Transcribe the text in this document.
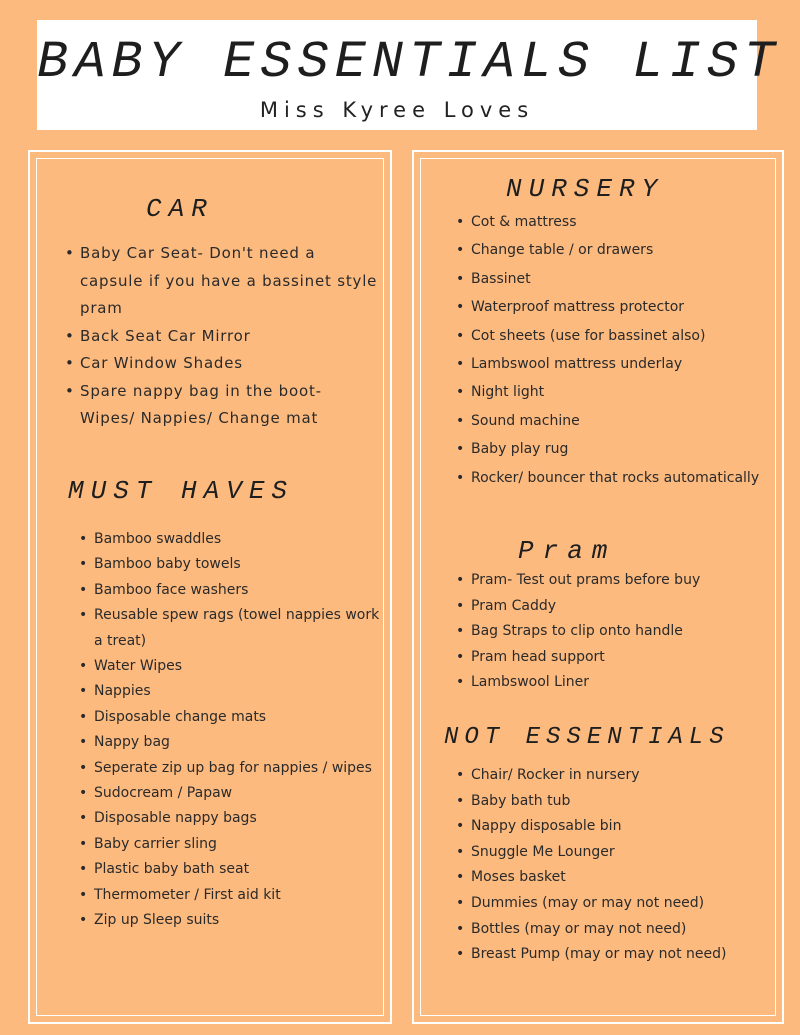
BABY ESSENTIALS LIST
Miss Kyree Loves
CAR
• Baby Car Seat- Don't need a capsule if you have a bassinet style pram
• Back Seat Car Mirror
• Car Window Shades
• Spare nappy bag in the boot- Wipes/ Nappies/ Change mat
MUST HAVES
• Bamboo swaddles
• Bamboo baby towels
• Bamboo face washers
• Reusable spew rags (towel nappies work a treat)
• Water Wipes
• Nappies
• Disposable change mats
• Nappy bag
• Seperate zip up bag for nappies / wipes
• Sudocream / Papaw
• Disposable nappy bags
• Baby carrier sling
• Plastic baby bath seat
• Thermometer / First aid kit
• Zip up Sleep suits
NURSERY
• Cot & mattress
• Change table / or drawers
• Bassinet
• Waterproof mattress protector
• Cot sheets (use for bassinet also)
• Lambswool mattress underlay
• Night light
• Sound machine
• Baby play rug
• Rocker/ bouncer that rocks automatically
Pram
• Pram- Test out prams before buy
• Pram Caddy
• Bag Straps to clip onto handle
• Pram head support
• Lambswool Liner
NOT ESSENTIALS
• Chair/ Rocker in nursery
• Baby bath tub
• Nappy disposable bin
• Snuggle Me Lounger
• Moses basket
• Dummies (may or may not need)
• Bottles (may or may not need)
• Breast Pump (may or may not need)
